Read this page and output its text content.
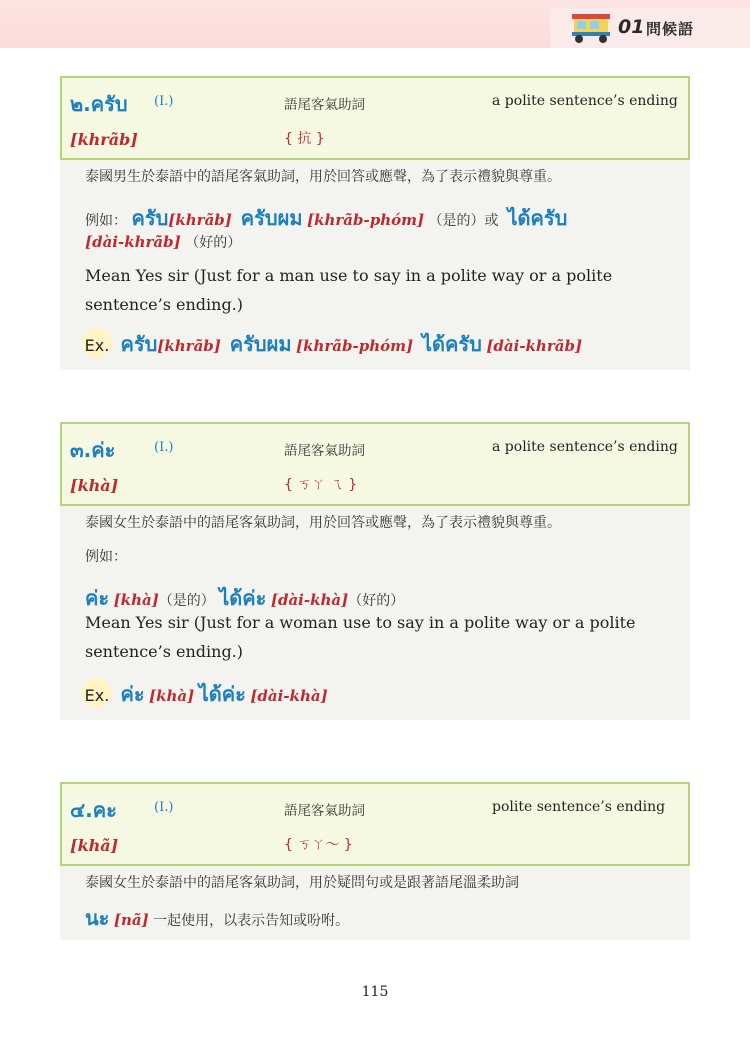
01 問候語
๒.ครับ (I.)	語尾客氣助詞	a polite sentence’s ending
[khrãb]	{ 抗 }
泰國男生於泰語中的語尾客氣助詞，用於回答或應聲，為了表示禮貌與尊重。
例如： ครับ[khrãb] ครับผม [khrãb-phóm] （是的）或 ได้ครับ
[dài-khrãb] （好的）
Mean Yes sir (Just for a man use to say in a polite way or a polite
sentence’s ending.)
Ex. ครับ[khrãb] ครับผม [khrãb-phóm] ได้ครับ [dài-khrãb]
๓.ค่ะ	(I.)	語尾客氣助詞	a polite sentence’s ending
[khà]	{ ㄎㄚ ㄟ }
泰國女生於泰語中的語尾客氣助詞，用於回答或應聲，為了表示禮貌與尊重。
例如：
ค่ะ [khà]（是的） ได้ค่ะ [dài-khà]（好的）
Mean Yes sir (Just for a woman use to say in a polite way or a polite
sentence’s ending.)
Ex. ค่ะ [khà] ได้ค่ะ [dài-khà]
๔.คะ	(I.)	語尾客氣助詞	polite sentence’s ending
[khã]	{ ㄎㄚ～ }
泰國女生於泰語中的語尾客氣助詞，用於疑問句或是跟著語尾溫柔助詞
นะ [nã] 一起使用，以表示告知或吩咐。
115
